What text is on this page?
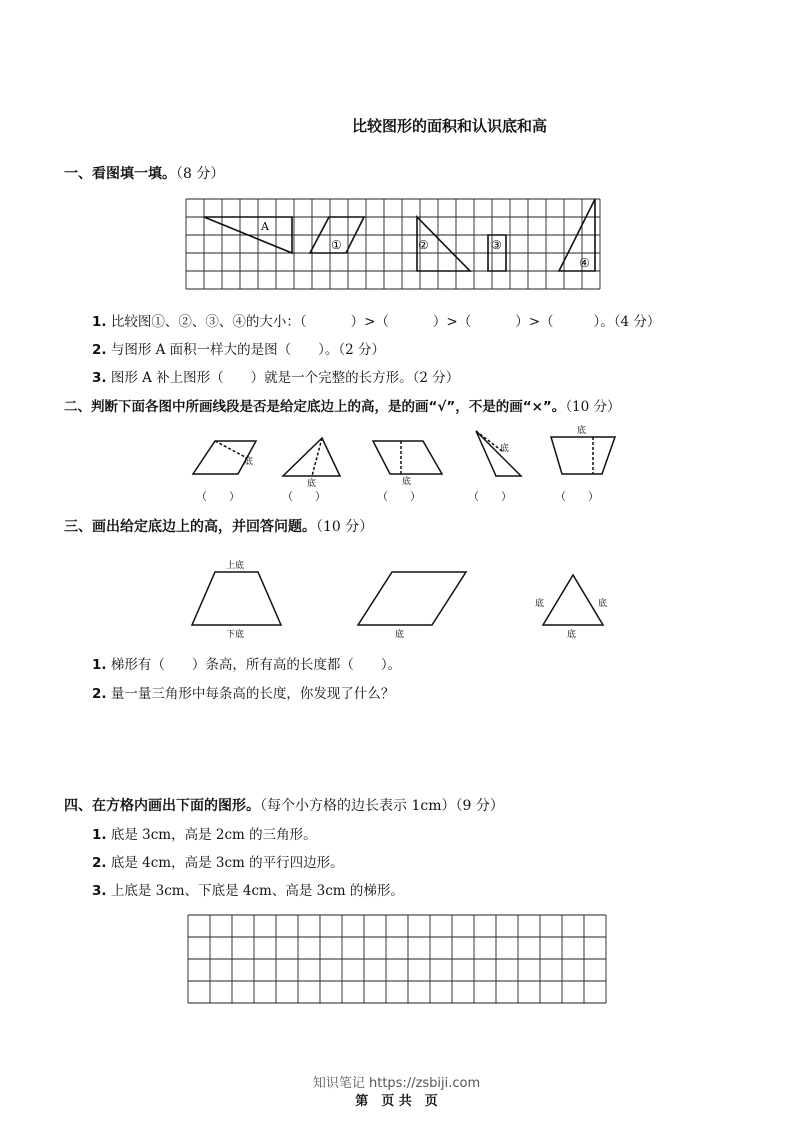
比较图形的面积和认识底和高
一、看图填一填。（8 分）
A
①	②	③
④
1. 比较图①、②、③、④的大小：（	）>（	）>（	）>（	）。（4 分）
2. 与图形 A 面积一样大的是图（　　）。（2 分）
3. 图形 A 补上图形（　　）就是一个完整的长方形。（2 分）
二、判断下面各图中所画线段是否是给定底边上的高，是的画“√”，不是的画“×”。（10 分）
底
底	底
底
底
（　　）	（　　）	（　　）	（　　）	（　　）
三、画出给定底边上的高，并回答问题。（10 分）
上底
下底	底
底	底
底
1. 梯形有（　　）条高，所有高的长度都（　　）。
2. 量一量三角形中每条高的长度，你发现了什么？
四、在方格内画出下面的图形。（每个小方格的边长表示 1cm）（9 分）
1. 底是 3cm，高是 2cm 的三角形。
2. 底是 4cm，高是 3cm 的平行四边形。
3. 上底是 3cm、下底是 4cm、高是 3cm 的梯形。
知识笔记 https://zsbiji.com
第　页 共　页
